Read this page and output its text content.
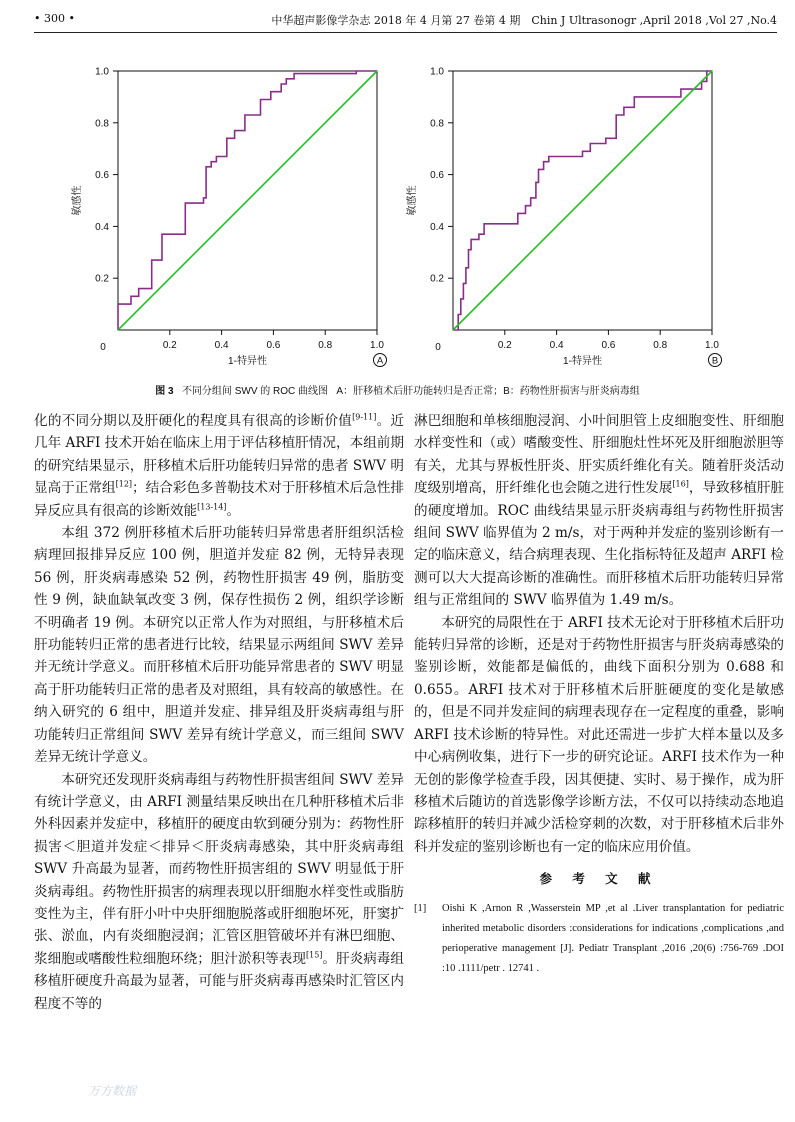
• 300 •	中华超声影像学杂志 2018 年 4 月第 27 卷第 4 期　Chin J Ultrasonogr ,April 2018 ,Vol 27 ,No.4
1.0
0.8
0.6
0.4
0.2
0	0.2	0.4	0.6	0.8	1.0
1-特异性
敏感性
A
1.0
0.8
0.6
0.4
0.2
0	0.2	0.4	0.6	0.8	1.0
1-特异性
敏感性
B
图 3 不同分组间 SWV 的 ROC 曲线图 A：肝移植术后肝功能转归是否正常；B：药物性肝损害与肝炎病毒组

化的不同分期以及肝硬化的程度具有很高的诊断价值[9-11]。近几年 ARFI 技术开始在临床上用于评估移植肝情况，本组前期的研究结果显示，肝移植术后肝功能转归异常的患者 SWV 明显高于正常组[12]；结合彩色多普勒技术对于肝移植术后急性排异反应具有很高的诊断效能[13-14]。

本组 372 例肝移植术后肝功能转归异常患者肝组织活检病理回报排异反应 100 例，胆道并发症 82 例，无特异表现 56 例，肝炎病毒感染 52 例，药物性肝损害 49 例，脂肪变性 9 例，缺血缺氧改变 3 例，保存性损伤 2 例，组织学诊断不明确者 19 例。本研究以正常人作为对照组，与肝移植术后肝功能转归正常的患者进行比较，结果显示两组间 SWV 差异并无统计学意义。而肝移植术后肝功能异常患者的 SWV 明显高于肝功能转归正常的患者及对照组，具有较高的敏感性。在纳入研究的 6 组中，胆道并发症、排异组及肝炎病毒组与肝功能转归正常组间 SWV 差异有统计学意义，而三组间 SWV 差异无统计学意义。

本研究还发现肝炎病毒组与药物性肝损害组间 SWV 差异有统计学意义，由 ARFI 测量结果反映出在几种肝移植术后非外科因素并发症中，移植肝的硬度由软到硬分别为：药物性肝损害＜胆道并发症＜排异＜肝炎病毒感染，其中肝炎病毒组 SWV 升高最为显著，而药物性肝损害组的 SWV 明显低于肝炎病毒组。药物性肝损害的病理表现以肝细胞水样变性或脂肪变性为主，伴有肝小叶中央肝细胞脱落或肝细胞坏死，肝窦扩张、淤血，内有炎细胞浸润；汇管区胆管破坏并有淋巴细胞、浆细胞或嗜酸性粒细胞环绕；胆汁淤积等表现[15]。肝炎病毒组移植肝硬度升高最为显著，可能与肝炎病毒再感染时汇管区内程度不等的

淋巴细胞和单核细胞浸润、小叶间胆管上皮细胞变性、肝细胞水样变性和（或）嗜酸变性、肝细胞灶性坏死及肝细胞淤胆等有关，尤其与界板性肝炎、肝实质纤维化有关。随着肝炎活动度级别增高，肝纤维化也会随之进行性发展[16]，导致移植肝脏的硬度增加。ROC 曲线结果显示肝炎病毒组与药物性肝损害组间 SWV 临界值为 2 m/s，对于两种并发症的鉴别诊断有一定的临床意义，结合病理表现、生化指标特征及超声 ARFI 检测可以大大提高诊断的准确性。而肝移植术后肝功能转归异常组与正常组间的 SWV 临界值为 1.49 m/s。

本研究的局限性在于 ARFI 技术无论对于肝移植术后肝功能转归异常的诊断，还是对于药物性肝损害与肝炎病毒感染的鉴别诊断，效能都是偏低的，曲线下面积分别为 0.688 和 0.655。ARFI 技术对于肝移植术后肝脏硬度的变化是敏感的，但是不同并发症间的病理表现存在一定程度的重叠，影响 ARFI 技术诊断的特异性。对此还需进一步扩大样本量以及多中心病例收集，进行下一步的研究论证。ARFI 技术作为一种无创的影像学检查手段，因其便捷、实时、易于操作，成为肝移植术后随访的首选影像学诊断方法，不仅可以持续动态地追踪移植肝的转归并减少活检穿刺的次数，对于肝移植术后非外科并发症的鉴别诊断也有一定的临床应用价值。

参 考 文 献
[1]	Oishi K ,Arnon R ,Wasserstein MP ,et al .Liver transplantation for pediatric inherited metabolic disorders :considerations for indications ,complications ,and perioperative management [J]. Pediatr Transplant ,2016 ,20(6) :756-769 .DOI :10 .1111/petr . 12741 .
万方数据
